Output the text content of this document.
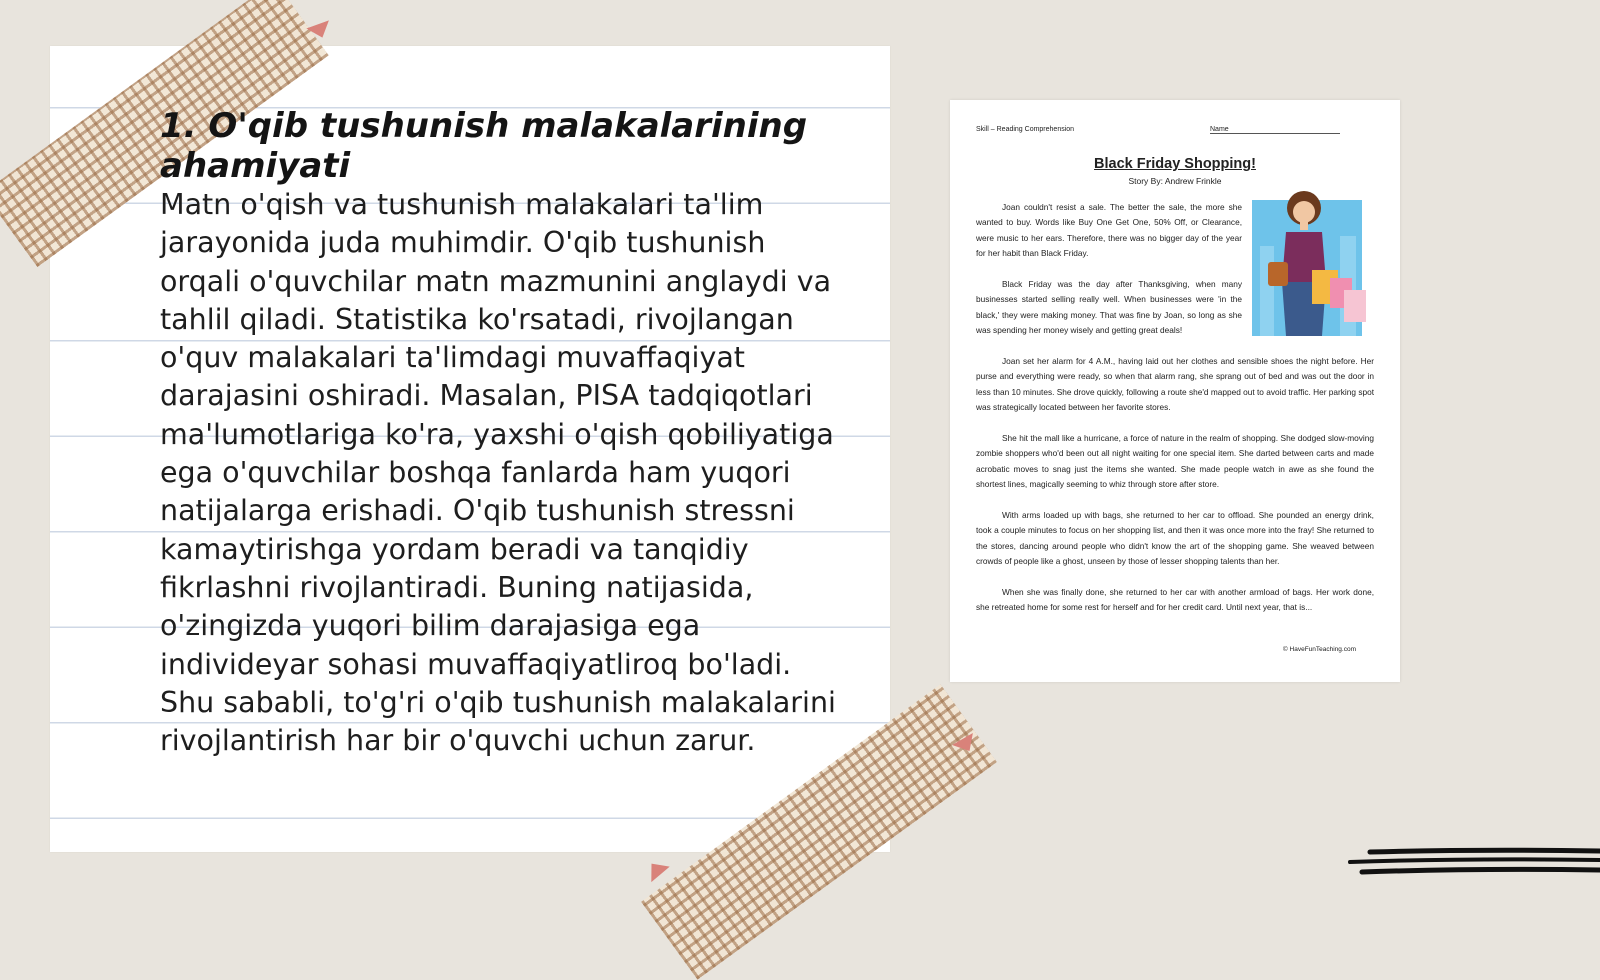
1. O'qib tushunish malakalarining ahamiyati

Matn o'qish va tushunish malakalari ta'lim jarayonida juda muhimdir. O'qib tushunish orqali o'quvchilar matn mazmunini anglaydi va tahlil qiladi. Statistika ko'rsatadi, rivojlangan o'quv malakalari ta'limdagi muvaffaqiyat darajasini oshiradi. Masalan, PISA tadqiqotlari ma'lumotlariga ko'ra, yaxshi o'qish qobiliyatiga ega o'quvchilar boshqa fanlarda ham yuqori natijalarga erishadi. O'qib tushunish stressni kamaytirishga yordam beradi va tanqidiy fikrlashni rivojlantiradi. Buning natijasida, o'zingizda yuqori bilim darajasiga ega individeyar sohasi muvaffaqiyatliroq bo'ladi. Shu sababli, to'g'ri o'qib tushunish malakalarini rivojlantirish har bir o'quvchi uchun zarur.

Skill – Reading Comprehension	Name
Black Friday Shopping!
Story By: Andrew Frinkle

Joan couldn't resist a sale. The better the sale, the more she wanted to buy. Words like Buy One Get One, 50% Off, or Clearance, were music to her ears. Therefore, there was no bigger day of the year for her habit than Black Friday.

Black Friday was the day after Thanksgiving, when many businesses started selling really well. When businesses were 'in the black,' they were making money. That was fine by Joan, so long as she was spending her money wisely and getting great deals!

Joan set her alarm for 4 A.M., having laid out her clothes and sensible shoes the night before. Her purse and everything were ready, so when that alarm rang, she sprang out of bed and was out the door in less than 10 minutes. She drove quickly, following a route she'd mapped out to avoid traffic. Her parking spot was strategically located between her favorite stores.

She hit the mall like a hurricane, a force of nature in the realm of shopping. She dodged slow-moving zombie shoppers who'd been out all night waiting for one special item. She darted between carts and made acrobatic moves to snag just the items she wanted. She made people watch in awe as she found the shortest lines, magically seeming to whiz through store after store.

With arms loaded up with bags, she returned to her car to offload. She pounded an energy drink, took a couple minutes to focus on her shopping list, and then it was once more into the fray! She returned to the stores, dancing around people who didn't know the art of the shopping game. She weaved between crowds of people like a ghost, unseen by those of lesser shopping talents than her.

When she was finally done, she returned to her car with another armload of bags. Her work done, she retreated home for some rest for herself and for her credit card. Until next year, that is...

© HaveFunTeaching.com
